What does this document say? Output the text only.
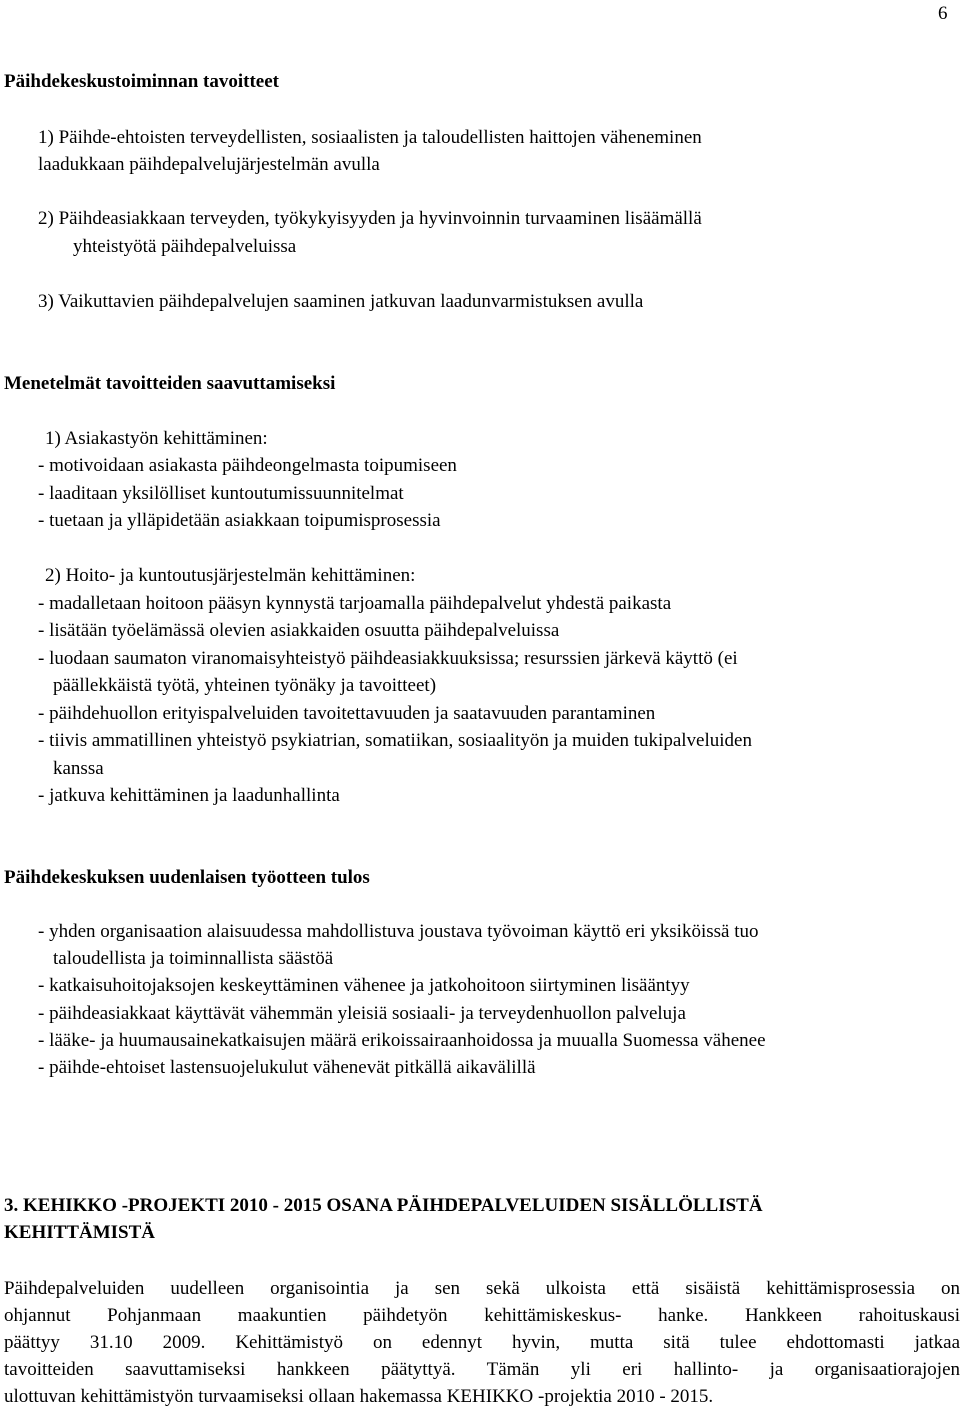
6
Päihdekeskustoiminnan tavoitteet
1) Päihde-ehtoisten terveydellisten, sosiaalisten ja taloudellisten haittojen väheneminen
laadukkaan päihdepalvelujärjestelmän avulla
2) Päihdeasiakkaan terveyden, työkykyisyyden ja hyvinvoinnin turvaaminen lisäämällä
yhteistyötä päihdepalveluissa
3) Vaikuttavien päihdepalvelujen saaminen jatkuvan laadunvarmistuksen avulla
Menetelmät tavoitteiden saavuttamiseksi
1) Asiakastyön kehittäminen:
- motivoidaan asiakasta päihdeongelmasta toipumiseen
- laaditaan yksilölliset kuntoutumissuunnitelmat
- tuetaan ja ylläpidetään asiakkaan toipumisprosessia
2) Hoito- ja kuntoutusjärjestelmän kehittäminen:
- madalletaan hoitoon pääsyn kynnystä tarjoamalla päihdepalvelut yhdestä paikasta
- lisätään työelämässä olevien asiakkaiden osuutta päihdepalveluissa
- luodaan saumaton viranomaisyhteistyö päihdeasiakkuuksissa; resurssien järkevä käyttö (ei
päällekkäistä työtä, yhteinen työnäky ja tavoitteet)
- päihdehuollon erityispalveluiden tavoitettavuuden ja saatavuuden parantaminen
- tiivis ammatillinen yhteistyö psykiatrian, somatiikan, sosiaalityön ja muiden tukipalveluiden
kanssa
- jatkuva kehittäminen ja laadunhallinta
Päihdekeskuksen uudenlaisen työotteen tulos
- yhden organisaation alaisuudessa mahdollistuva joustava työvoiman käyttö eri yksiköissä tuo
taloudellista ja toiminnallista säästöä
- katkaisuhoitojaksojen keskeyttäminen vähenee ja jatkohoitoon siirtyminen lisääntyy
- päihdeasiakkaat käyttävät vähemmän yleisiä sosiaali- ja terveydenhuollon palveluja
- lääke- ja huumausainekatkaisujen määrä erikoissairaanhoidossa ja muualla Suomessa vähenee
- päihde-ehtoiset lastensuojelukulut vähenevät pitkällä aikavälillä
3. KEHIKKO -PROJEKTI 2010 - 2015 OSANA PÄIHDEPALVELUIDEN SISÄLLÖLLISTÄ
KEHITTÄMISTÄ
Päihdepalveluiden uudelleen organisointia ja sen sekä ulkoista että sisäistä kehittämisprosessia on
ohjannut Pohjanmaan maakuntien päihdetyön kehittämiskeskus- hanke. Hankkeen rahoituskausi
päättyy 31.10 2009. Kehittämistyö on edennyt hyvin, mutta sitä tulee ehdottomasti jatkaa
tavoitteiden saavuttamiseksi hankkeen päätyttyä. Tämän yli eri hallinto- ja organisaatiorajojen
ulottuvan kehittämistyön turvaamiseksi ollaan hakemassa KEHIKKO -projektia 2010 - 2015.
